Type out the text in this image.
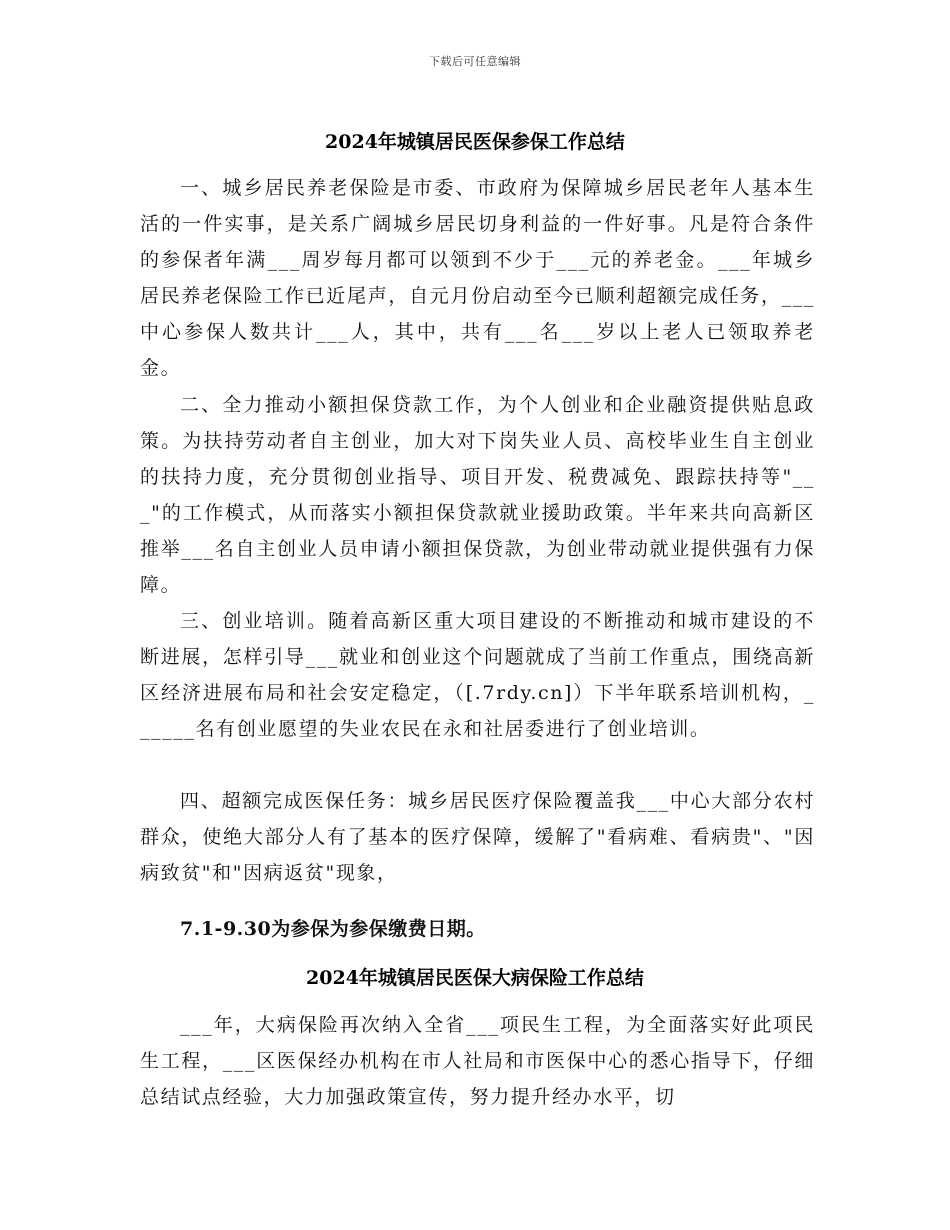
下载后可任意编辑
2024年城镇居民医保参保工作总结

一、城乡居民养老保险是市委、市政府为保障城乡居民老年人基本生活的一件实事，是关系广阔城乡居民切身利益的一件好事。凡是符合条件的参保者年满___周岁每月都可以领到不少于___元的养老金。___年城乡居民养老保险工作已近尾声，自元月份启动至今已顺利超额完成任务，___中心参保人数共计___人，其中，共有___名___岁以上老人已领取养老金。

二、全力推动小额担保贷款工作，为个人创业和企业融资提供贴息政策。为扶持劳动者自主创业，加大对下岗失业人员、高校毕业生自主创业的扶持力度，充分贯彻创业指导、项目开发、税费减免、跟踪扶持等"___"的工作模式，从而落实小额担保贷款就业援助政策。半年来共向高新区推举___名自主创业人员申请小额担保贷款，为创业带动就业提供强有力保障。

三、创业培训。随着高新区重大项目建设的不断推动和城市建设的不断进展，怎样引导___就业和创业这个问题就成了当前工作重点，围绕高新区经济进展布局和社会安定稳定，（[.7rdy.cn]）下半年联系培训机构，______名有创业愿望的失业农民在永和社居委进行了创业培训。

四、超额完成医保任务：城乡居民医疗保险覆盖我___中心大部分农村群众，使绝大部分人有了基本的医疗保障，缓解了"看病难、看病贵"、"因病致贫"和"因病返贫"现象，

7.1-9.30为参保为参保缴费日期。

2024年城镇居民医保大病保险工作总结

___年，大病保险再次纳入全省___项民生工程，为全面落实好此项民生工程，___区医保经办机构在市人社局和市医保中心的悉心指导下，仔细总结试点经验，大力加强政策宣传，努力提升经办水平，切
